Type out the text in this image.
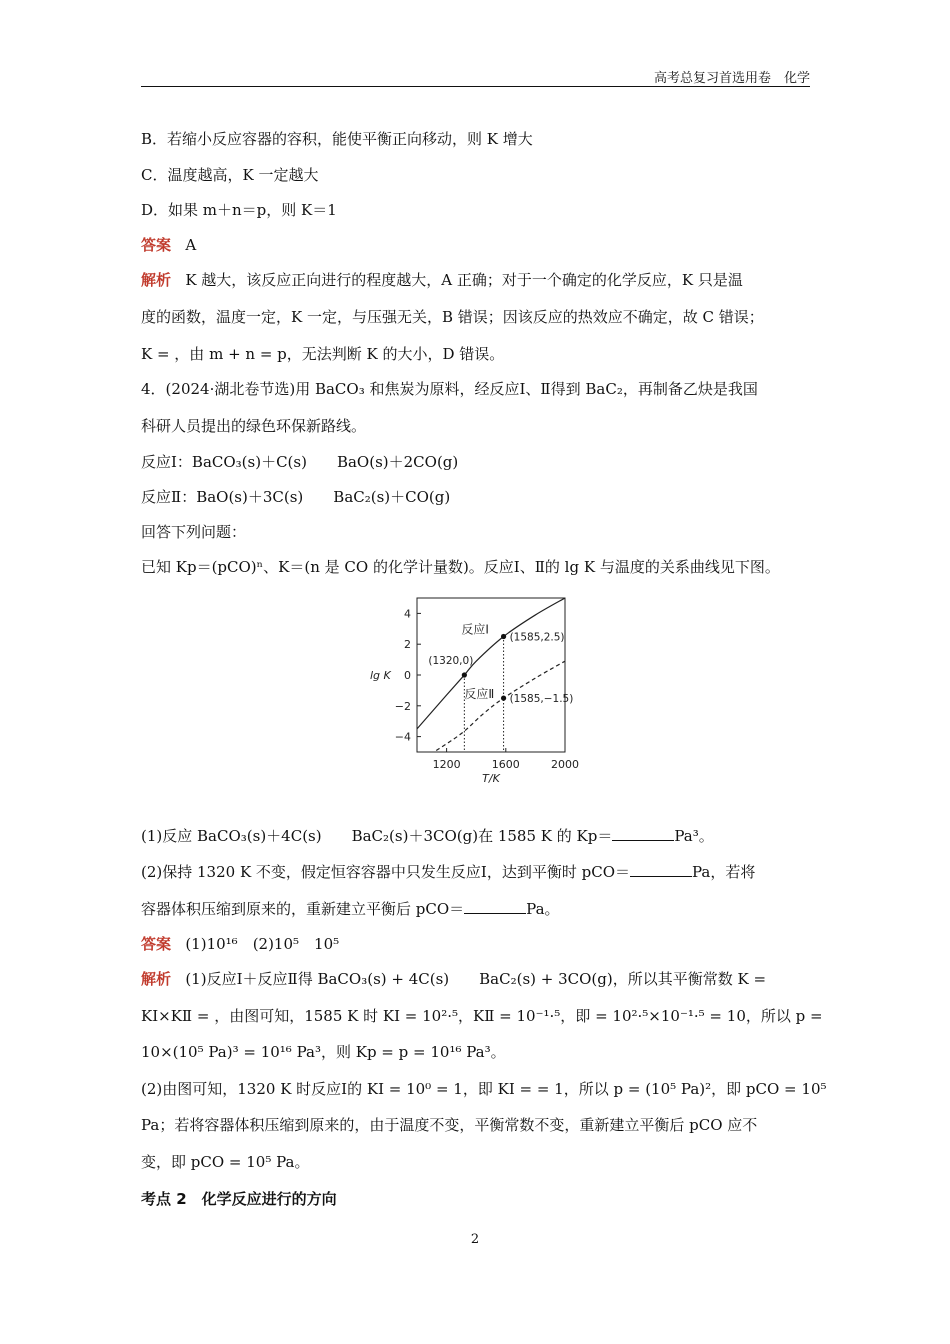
高考总复习首选用卷　化学
B．若缩小反应容器的容积，能使平衡正向移动，则 K 增大
C．温度越高，K 一定越大
D．如果 m＋n＝p，则 K＝1
答案 A
解析 K 越大，该反应正向进行的程度越大，A 正确；对于一个确定的化学反应，K 只是温
度的函数，温度一定，K 一定，与压强无关，B 错误；因该反应的热效应不确定，故 C 错误；
K = ，由 m + n = p，无法判断 K 的大小，D 错误。
4．(2024·湖北卷节选)用 BaCO₃ 和焦炭为原料，经反应Ⅰ、Ⅱ得到 BaC₂，再制备乙炔是我国
科研人员提出的绿色环保新路线。
反应Ⅰ：BaCO₃(s)＋C(s) BaO(s)＋2CO(g)
反应Ⅱ：BaO(s)＋3C(s) BaC₂(s)＋CO(g)
回答下列问题：
已知 Kp＝(pCO)ⁿ、K＝(n 是 CO 的化学计量数)。反应Ⅰ、Ⅱ的 lg K 与温度的关系曲线见下图。
4
2
0
−2
−4
1200	1600	2000
lg K
T/K
反应Ⅰ
反应Ⅱ
(1320,0)
(1585,2.5)
(1585,−1.5)
(1)反应 BaCO₃(s)＋4C(s) BaC₂(s)＋3CO(g)在 1585 K 的 Kp＝	Pa³。
(2)保持 1320 K 不变，假定恒容容器中只发生反应Ⅰ，达到平衡时 pCO＝	Pa，若将
容器体积压缩到原来的，重新建立平衡后 pCO＝	Pa。
答案 (1)10¹⁶　(2)10⁵　10⁵
解析 (1)反应Ⅰ＋反应Ⅱ得 BaCO₃(s) + 4C(s) BaC₂(s) + 3CO(g)，所以其平衡常数 K =
KⅠ×KⅡ = ，由图可知，1585 K 时 KⅠ = 10²·⁵，KⅡ = 10⁻¹·⁵，即 = 10²·⁵×10⁻¹·⁵ = 10，所以 p =
10×(10⁵ Pa)³ = 10¹⁶ Pa³，则 Kp = p = 10¹⁶ Pa³。
(2)由图可知，1320 K 时反应Ⅰ的 KⅠ = 10⁰ = 1，即 KⅠ = = 1，所以 p = (10⁵ Pa)²，即 pCO = 10⁵
Pa；若将容器体积压缩到原来的，由于温度不变，平衡常数不变，重新建立平衡后 pCO 应不
变，即 pCO = 10⁵ Pa。
考点 2　化学反应进行的方向
2
